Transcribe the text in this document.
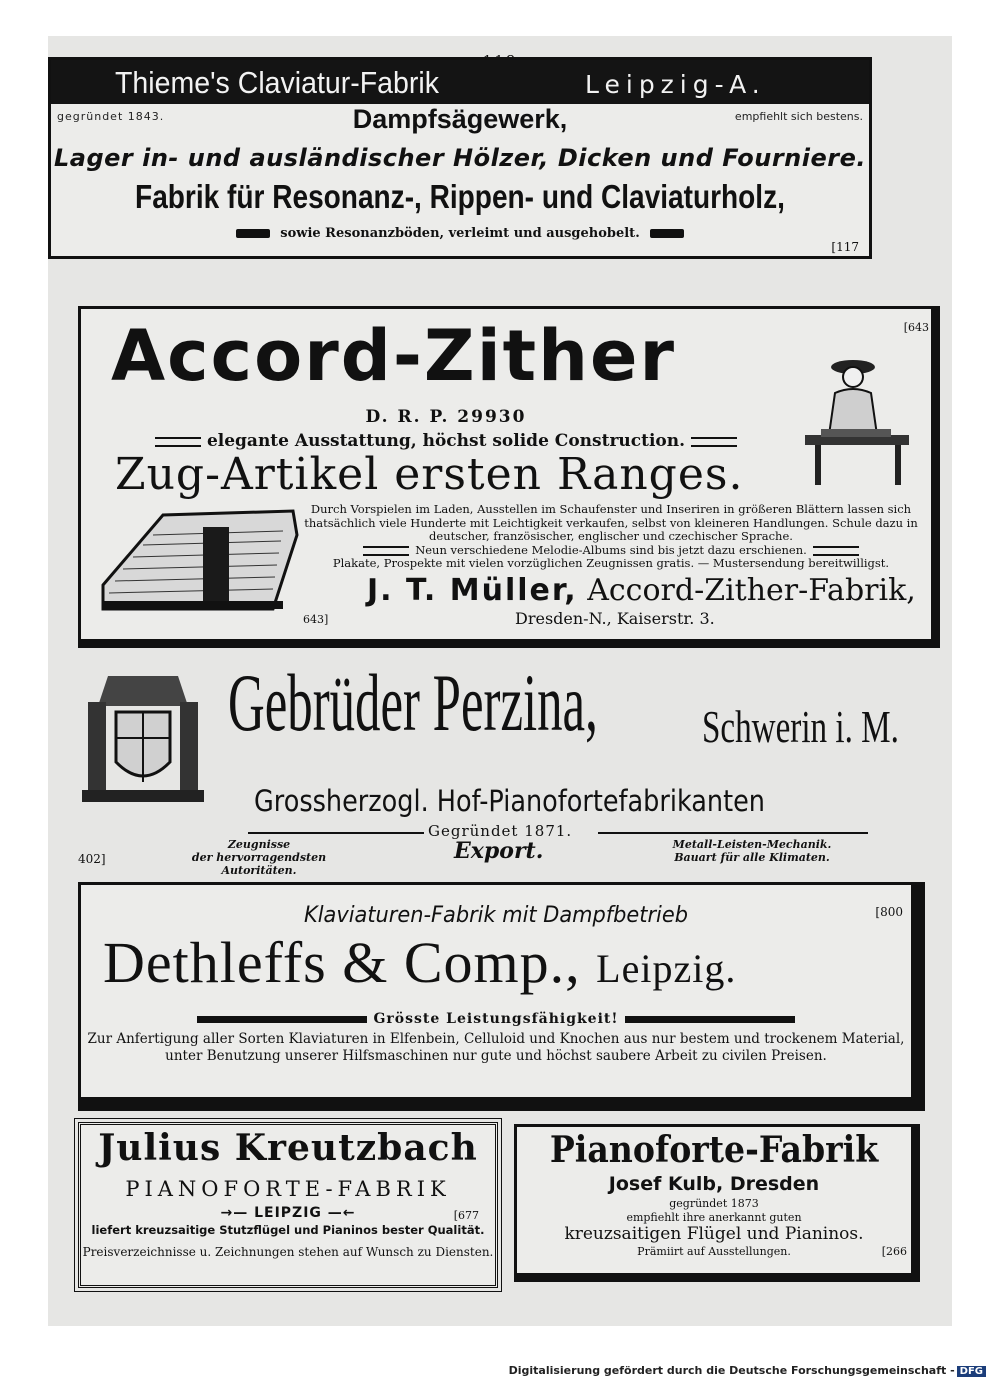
Thieme's Claviatur-Fabrik	Leipzig-A.
gegründet 1843.	empfiehlt sich bestens.
Dampfsägewerk,
Lager in- und ausländischer Hölzer, Dicken und Fourniere.
Fabrik für Resonanz-, Rippen- und Claviaturholz,
sowie Resonanzböden, verleimt und ausgehobelt.
[117
Accord-Zither	[643
D. R. P. 29930
elegante Ausstattung, höchst solide Construction.
Zug-Artikel ersten Ranges.
Durch Vorspielen im Laden, Ausstellen im Schaufenster und Inseriren in größeren Blättern lassen sich thatsächlich viele Hunderte mit Leichtigkeit verkaufen, selbst von kleineren Handlungen. Schule dazu in deutscher, französischer, englischer und czechischer Sprache.
Neun verschiedene Melodie-Albums sind bis jetzt dazu erschienen.
Plakate, Prospekte mit vielen vorzüglichen Zeugnissen gratis. — Mustersendung bereitwilligst.
J. T. Müller, Accord-Zither-Fabrik,
Dresden-N., Kaiserstr. 3.
643]
Gebrüder Perzina, Schwerin i. M.
Grossherzogl. Hof-Pianofortefabrikanten
Gegründet 1871.
Zeugnisse
der hervorragendsten Autoritäten.
Export.	Metall-Leisten-Mechanik.
Bauart für alle Klimaten.
402]
Klaviaturen-Fabrik mit Dampfbetrieb	[800
Dethleffs & Comp., Leipzig.
Grösste Leistungsfähigkeit!
Zur Anfertigung aller Sorten Klaviaturen in Elfenbein, Celluloid und Knochen aus nur bestem und trockenem Material, unter Benutzung unserer Hilfsmaschinen nur gute und höchst saubere Arbeit zu civilen Preisen.
Julius Kreutzbach
PIANOFORTE-FABRIK
→— LEIPZIG —←	[677
liefert kreuzsaitige Stutzflügel und Pianinos bester Qualität.
Preisverzeichnisse u. Zeichnungen stehen auf Wunsch zu Diensten.
Pianoforte-Fabrik
Josef Kulb, Dresden
gegründet 1873
empfiehlt ihre anerkannt guten
kreuzsaitigen Flügel und Pianinos.
Prämiirt auf Ausstellungen.	[266
Digitalisierung gefördert durch die Deutsche Forschungsgemeinschaft - DFG
